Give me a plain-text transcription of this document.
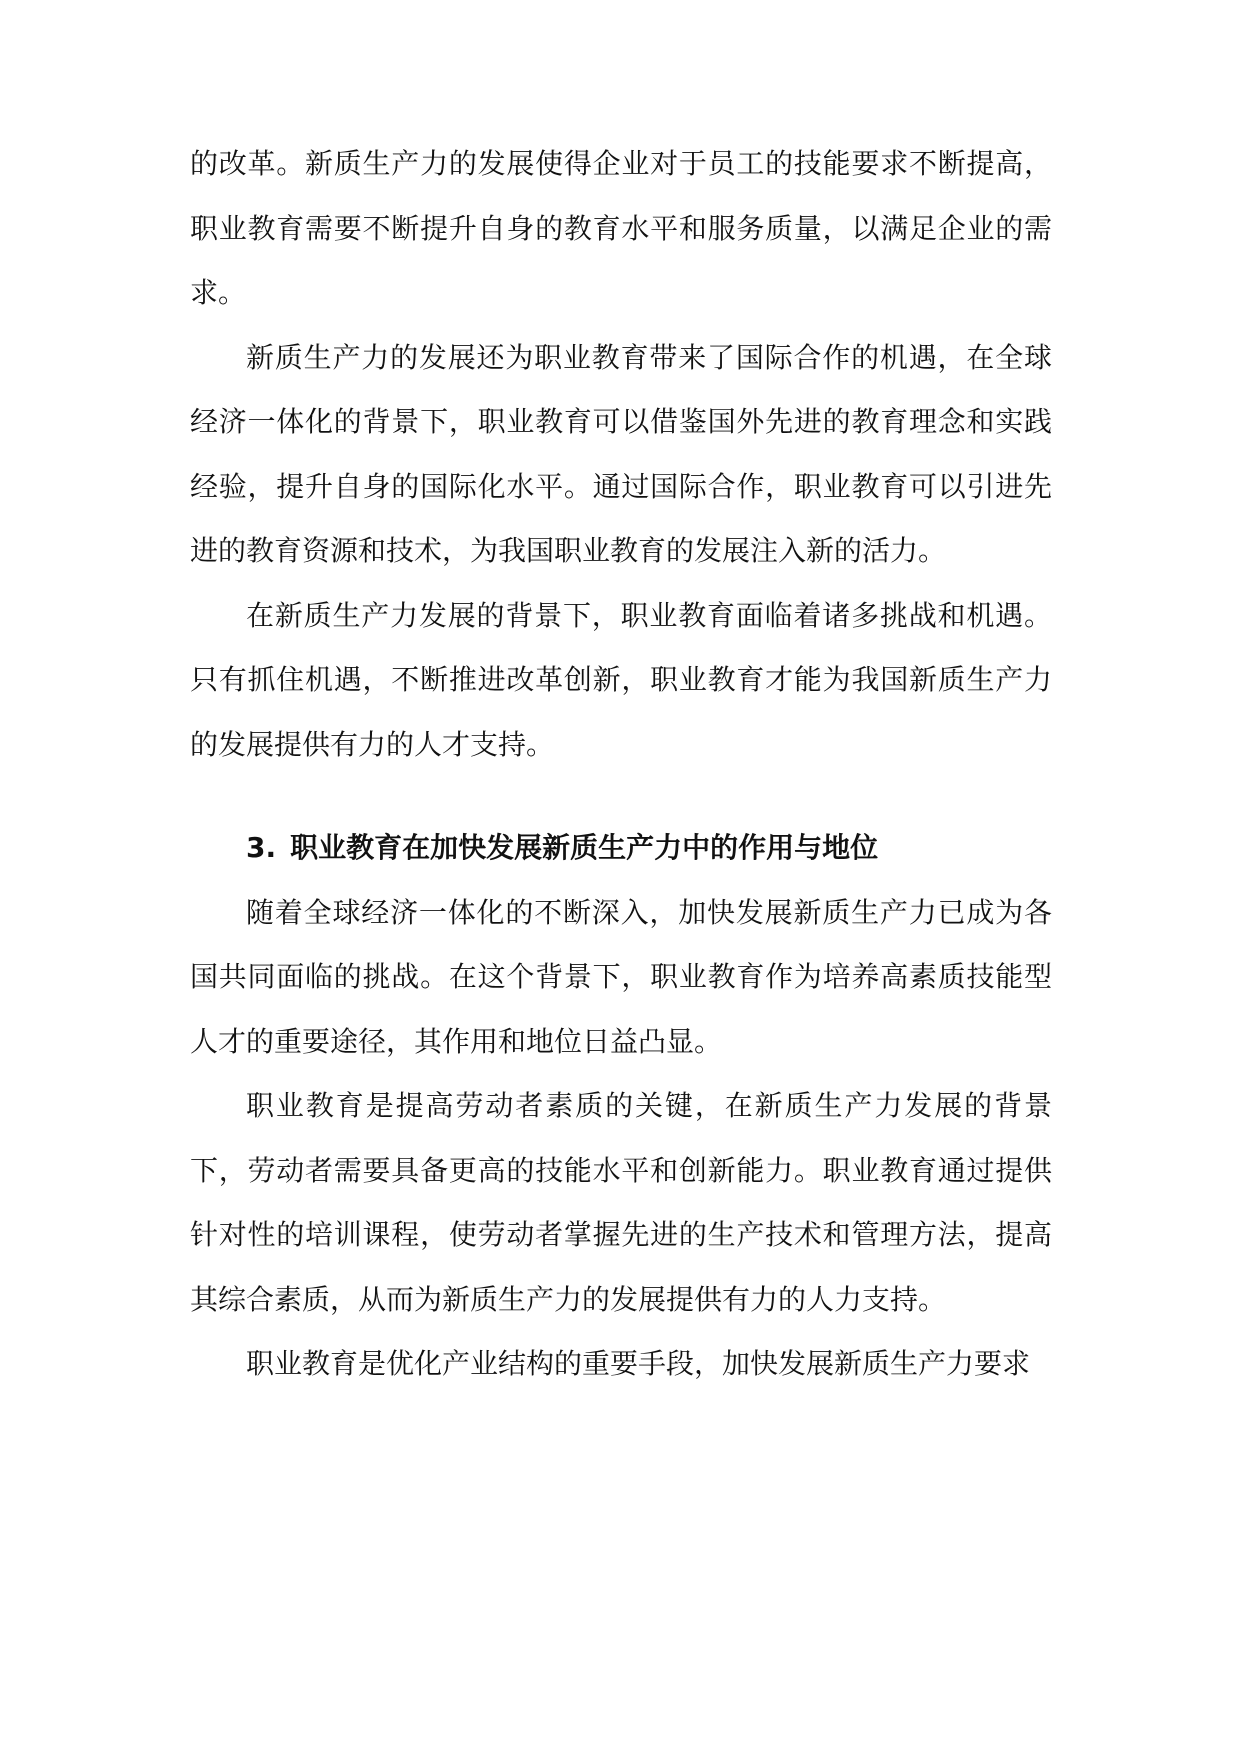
的改革。新质生产力的发展使得企业对于员工的技能要求不断提高，职业教育需要不断提升自身的教育水平和服务质量，以满足企业的需求。

新质生产力的发展还为职业教育带来了国际合作的机遇，在全球经济一体化的背景下，职业教育可以借鉴国外先进的教育理念和实践经验，提升自身的国际化水平。通过国际合作，职业教育可以引进先进的教育资源和技术，为我国职业教育的发展注入新的活力。

在新质生产力发展的背景下，职业教育面临着诸多挑战和机遇。只有抓住机遇，不断推进改革创新，职业教育才能为我国新质生产力的发展提供有力的人才支持。

3. 职业教育在加快发展新质生产力中的作用与地位

随着全球经济一体化的不断深入，加快发展新质生产力已成为各国共同面临的挑战。在这个背景下，职业教育作为培养高素质技能型人才的重要途径，其作用和地位日益凸显。

职业教育是提高劳动者素质的关键，在新质生产力发展的背景下，劳动者需要具备更高的技能水平和创新能力。职业教育通过提供针对性的培训课程，使劳动者掌握先进的生产技术和管理方法，提高其综合素质，从而为新质生产力的发展提供有力的人力支持。

职业教育是优化产业结构的重要手段，加快发展新质生产力要求
